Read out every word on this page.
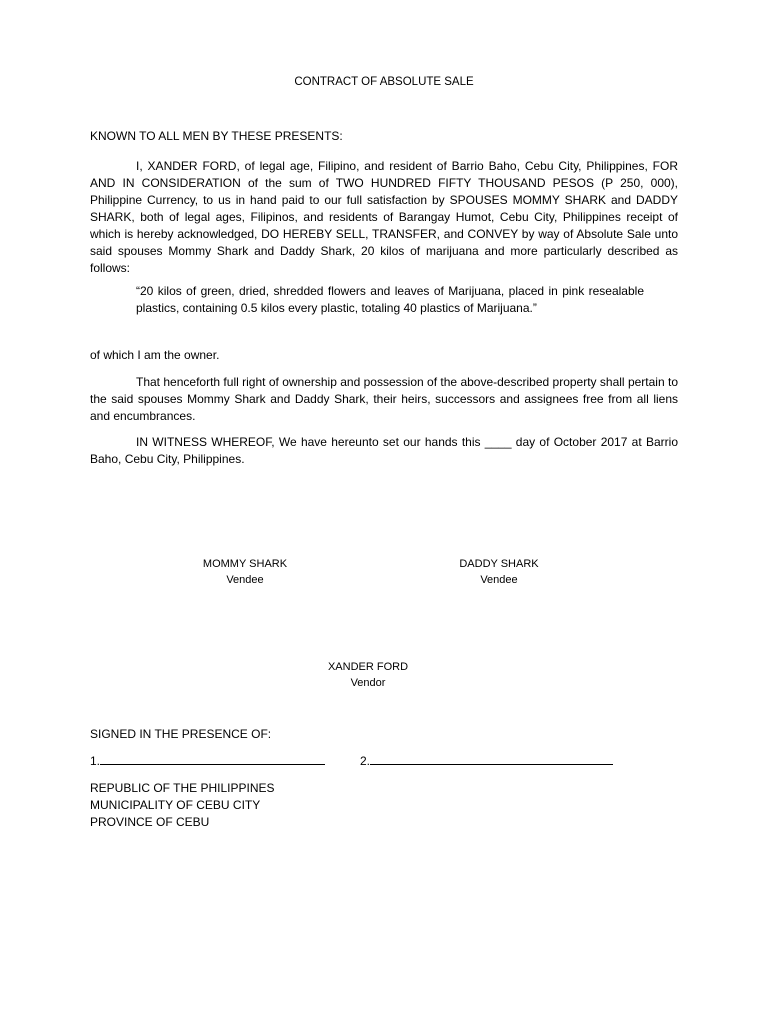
CONTRACT OF ABSOLUTE SALE
KNOWN TO ALL MEN BY THESE PRESENTS:
I, XANDER FORD, of legal age, Filipino, and resident of Barrio Baho, Cebu City, Philippines, FOR AND IN CONSIDERATION of the sum of TWO HUNDRED FIFTY THOUSAND PESOS (P 250, 000), Philippine Currency, to us in hand paid to our full satisfaction by SPOUSES MOMMY SHARK and DADDY SHARK, both of legal ages, Filipinos, and residents of Barangay Humot, Cebu City, Philippines receipt of which is hereby acknowledged, DO HEREBY SELL, TRANSFER, and CONVEY by way of Absolute Sale unto said spouses Mommy Shark and Daddy Shark, 20 kilos of marijuana and more particularly described as follows:
“20 kilos of green, dried, shredded flowers and leaves of Marijuana, placed in pink resealable plastics, containing 0.5 kilos every plastic, totaling 40 plastics of Marijuana.”
of which I am the owner.
That henceforth full right of ownership and possession of the above-described property shall pertain to the said spouses Mommy Shark and Daddy Shark, their heirs, successors and assignees free from all liens and encumbrances.
IN WITNESS WHEREOF, We have hereunto set our hands this ____ day of October 2017 at Barrio Baho, Cebu City, Philippines.
MOMMY SHARK
Vendee
DADDY SHARK
Vendee
XANDER FORD
Vendor
SIGNED IN THE PRESENCE OF:
1.	2.
REPUBLIC OF THE PHILIPPINES
MUNICIPALITY OF CEBU CITY
PROVINCE OF CEBU
